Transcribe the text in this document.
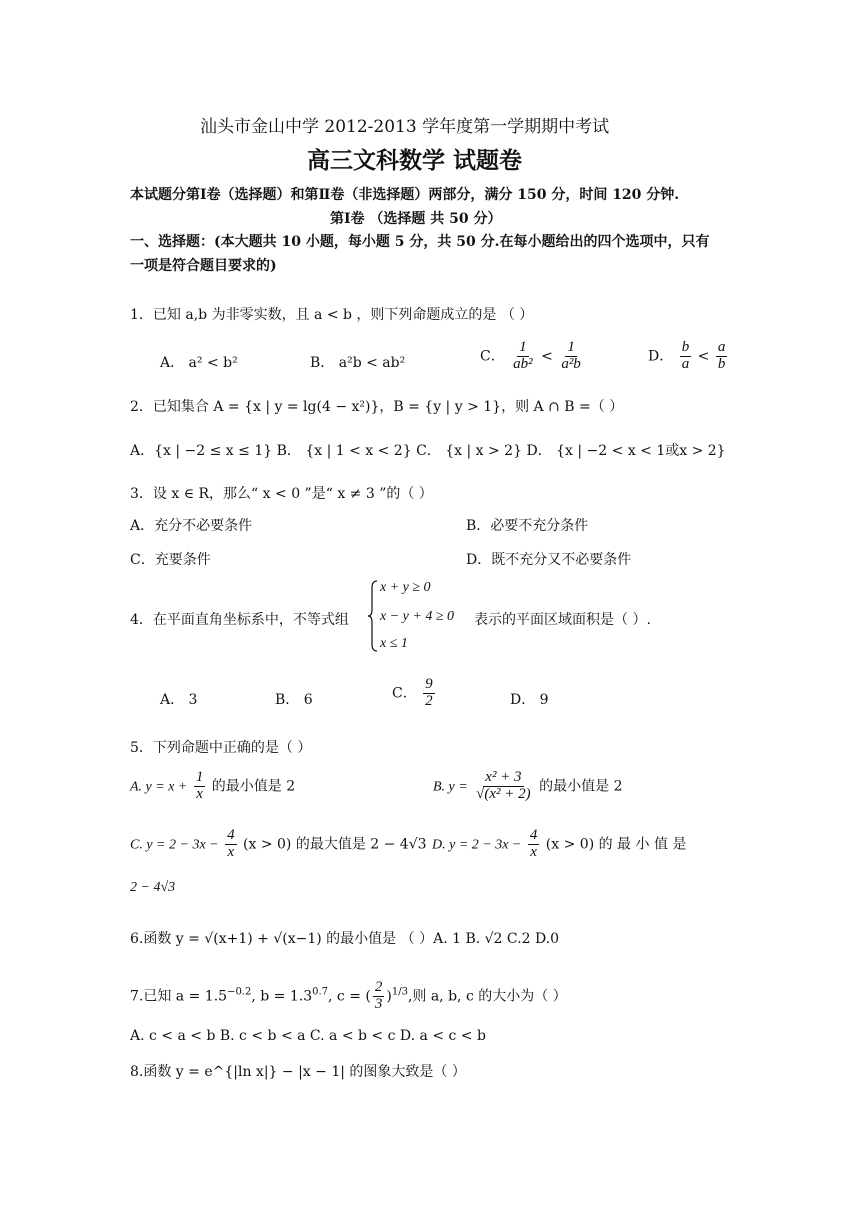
汕头市金山中学 2012-2013 学年度第一学期期中考试
高三文科数学 试题卷
本试题分第Ⅰ卷（选择题）和第Ⅱ卷（非选择题）两部分，满分 150 分，时间 120 分钟.
第Ⅰ卷 （选择题 共 50 分）
一、选择题：(本大题共 10 小题，每小题 5 分，共 50 分.在每小题给出的四个选项中，只有
一项是符合题目要求的)
1．已知 a,b 为非零实数，且 a < b ，则下列命题成立的是 （ ）
A． a² < b²	B． a²b < ab²	C． $\frac{1}{\text{ab²}} < \frac{1}{\text{a²b}}$	D． $\frac{b}{a} < \frac{a}{b}$
2．已知集合 A = {x | y = lg(4 − x²)}，B = {y | y > 1}，则 A ∩ B =（ ）
A．{x | −2 ≤ x ≤ 1} B． {x | 1 < x < 2} C． {x | x > 2} D． {x | −2 < x < 1或x > 2}
3．设 x ∈ R，那么“ x < 0 ”是“ x ≠ 3 ”的（ ）
A．充分不必要条件	B．必要不充分条件
C．充要条件	D．既不充分又不必要条件
x + y ≥ 0
x − y + 4 ≥ 0
x ≤ 1
4．在平面直角坐标系中，不等式组	表示的平面区域面积是（ ）.
A． 3	B． 6	C． $\frac{9}{2}$	D． 9
5．下列命题中正确的是（ ）
A. $y = x + \frac{1}{x}$ 的最小值是 2	B. $y = \frac{\text{x² + 3}}{\text{√(x² + 2)}}$ 的最小值是 2
C. $y = 2 - 3x - \frac{4}{x} (x > 0)$ 的最大值是 2 − 4√3 D. $y = 2 - 3x - \frac{4}{x} (x > 0)$ 的 最 小 值 是
2 − 4√3
6.函数 y = √(x+1) + √(x−1) 的最小值是 （ ）A. 1 B. √2 C.2 D.0
7.已知 $a = 1.5^{-0.2}$, $b = 1.3^{0.7}$, c = ( $\frac{2}{3} )^{1/3}$,则 a, b, c 的大小为（ ）
A. c < a < b B. c < b < a C. a < b < c D. a < c < b
8.函数 y = e^{|ln x|} − |x − 1| 的图象大致是（ ）
